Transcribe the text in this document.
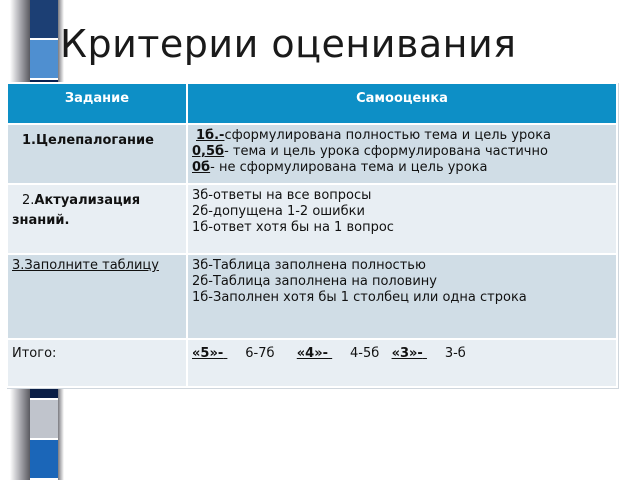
Критерии оценивания
Задание	Самооценка
1.Целепалогание	1б.-сформулирована полностью тема и цель урока
0,5б- тема и цель урока сформулирована частично
0б- не сформулирована тема и цель урока

2.Актуализация знаний.	3б-ответы на все вопросы
2б-допущена 1-2 ошибки
1б-ответ хотя бы на 1 вопрос

3.Заполните таблицу	3б-Таблица заполнена полностью
2б-Таблица заполнена на половину
1б-Заполнен хотя бы 1 столбец или одна строка

Итого:	«5»- 6-7б «4»- 4-5б «3»- 3-б
